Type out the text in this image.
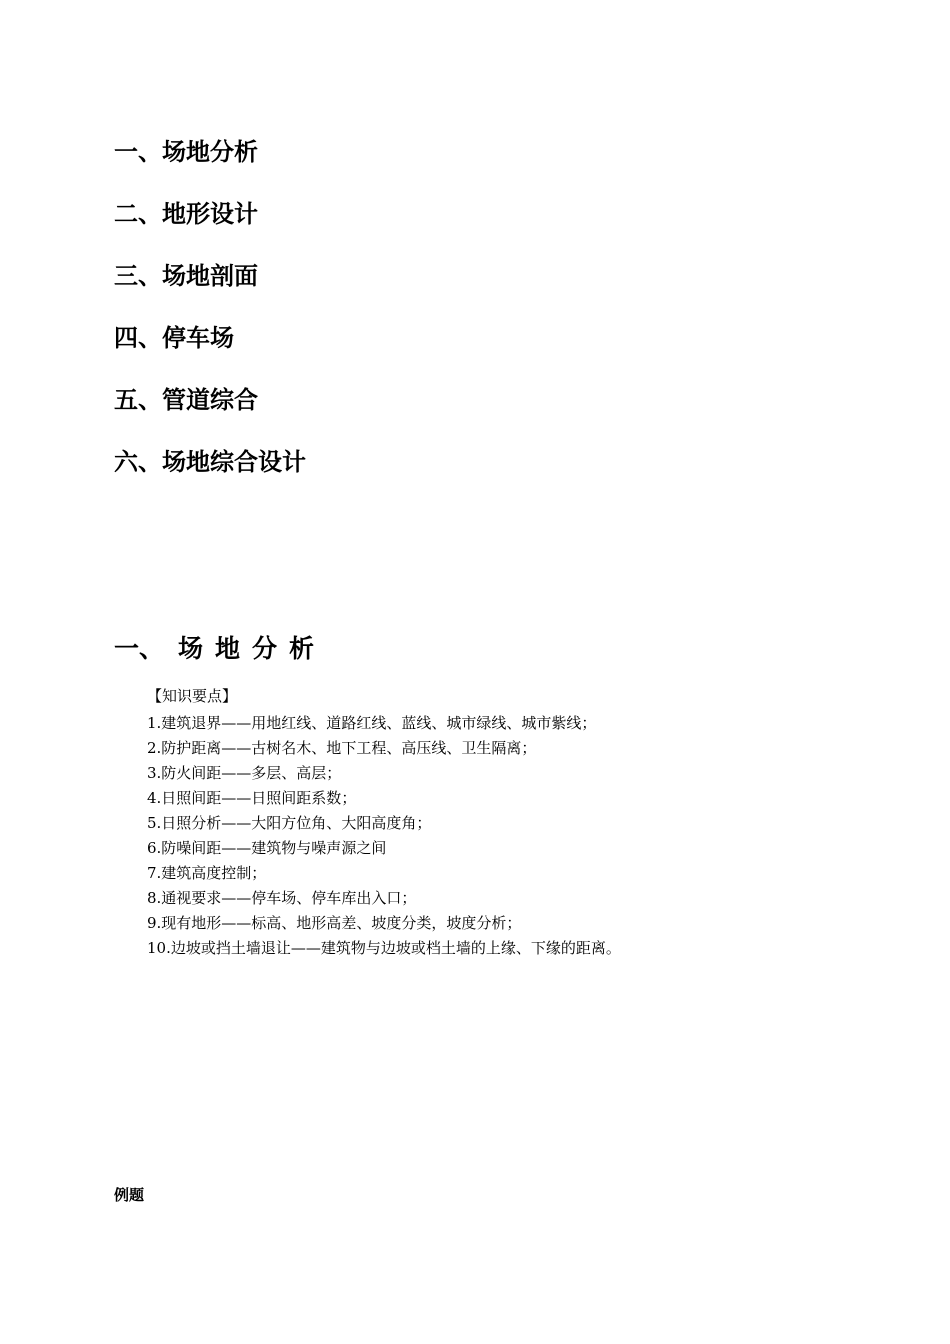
一、场地分析
二、地形设计
三、场地剖面
四、停车场
五、管道综合
六、场地综合设计
一、 场地分析
【知识要点】
1.建筑退界——用地红线、道路红线、蓝线、城市绿线、城市紫线；
2.防护距离——古树名木、地下工程、高压线、卫生隔离；
3.防火间距——多层、高层；
4.日照间距——日照间距系数；
5.日照分析——大阳方位角、大阳高度角；
6.防噪间距——建筑物与噪声源之间
7.建筑高度控制；
8.通视要求——停车场、停车库出入口；
9.现有地形——标高、地形高差、坡度分类，坡度分析；
10.边坡或挡土墙退让——建筑物与边坡或档土墙的上缘、下缘的距离。
例题
